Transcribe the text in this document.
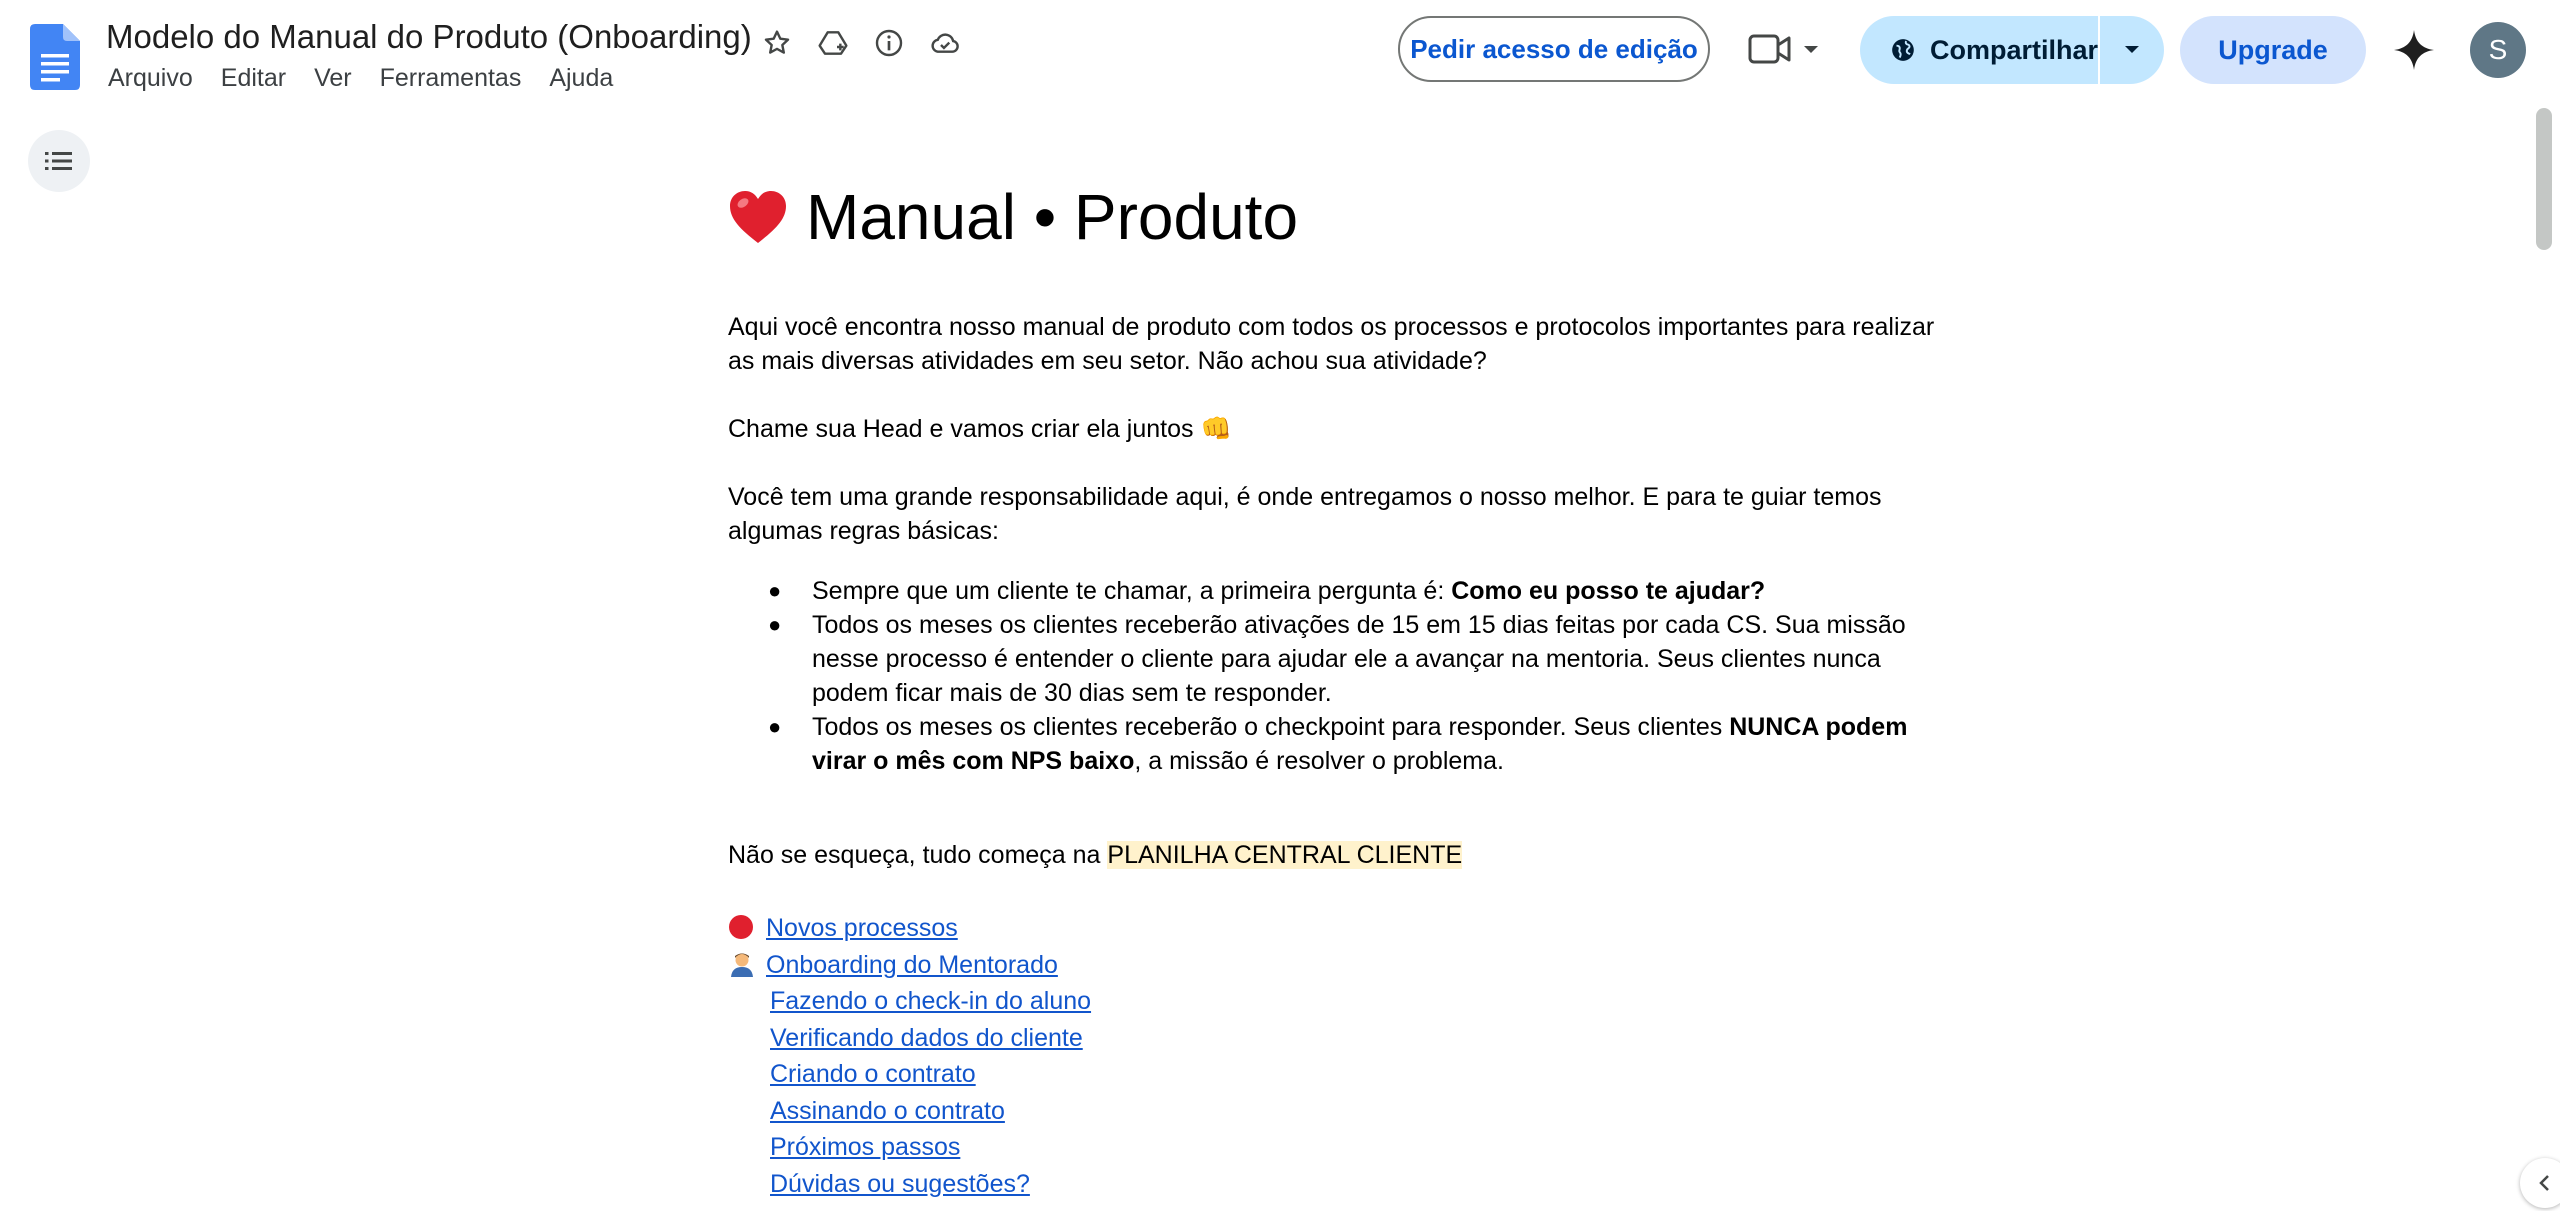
Modelo do Manual do Produto (Onboarding)
Arquivo Editar Ver Ferramentas Ajuda
Pedir acesso de edição	Compartilhar	Upgrade	S
Manual • Produto
Aqui você encontra nosso manual de produto com todos os processos e protocolos importantes para realizar as mais diversas atividades em seu setor. Não achou sua atividade?
Chame sua Head e vamos criar ela juntos 👊
Você tem uma grande responsabilidade aqui, é onde entregamos o nosso melhor. E para te guiar temos algumas regras básicas:
● Sempre que um cliente te chamar, a primeira pergunta é: Como eu posso te ajudar?
● Todos os meses os clientes receberão ativações de 15 em 15 dias feitas por cada CS. Sua missão nesse processo é entender o cliente para ajudar ele a avançar na mentoria. Seus clientes nunca podem ficar mais de 30 dias sem te responder.
● Todos os meses os clientes receberão o checkpoint para responder. Seus clientes NUNCA podem virar o mês com NPS baixo, a missão é resolver o problema.
Não se esqueça, tudo começa na PLANILHA CENTRAL CLIENTE
Novos processos
Onboarding do Mentorado
Fazendo o check-in do aluno
Verificando dados do cliente
Criando o contrato
Assinando o contrato
Próximos passos
Dúvidas ou sugestões?
